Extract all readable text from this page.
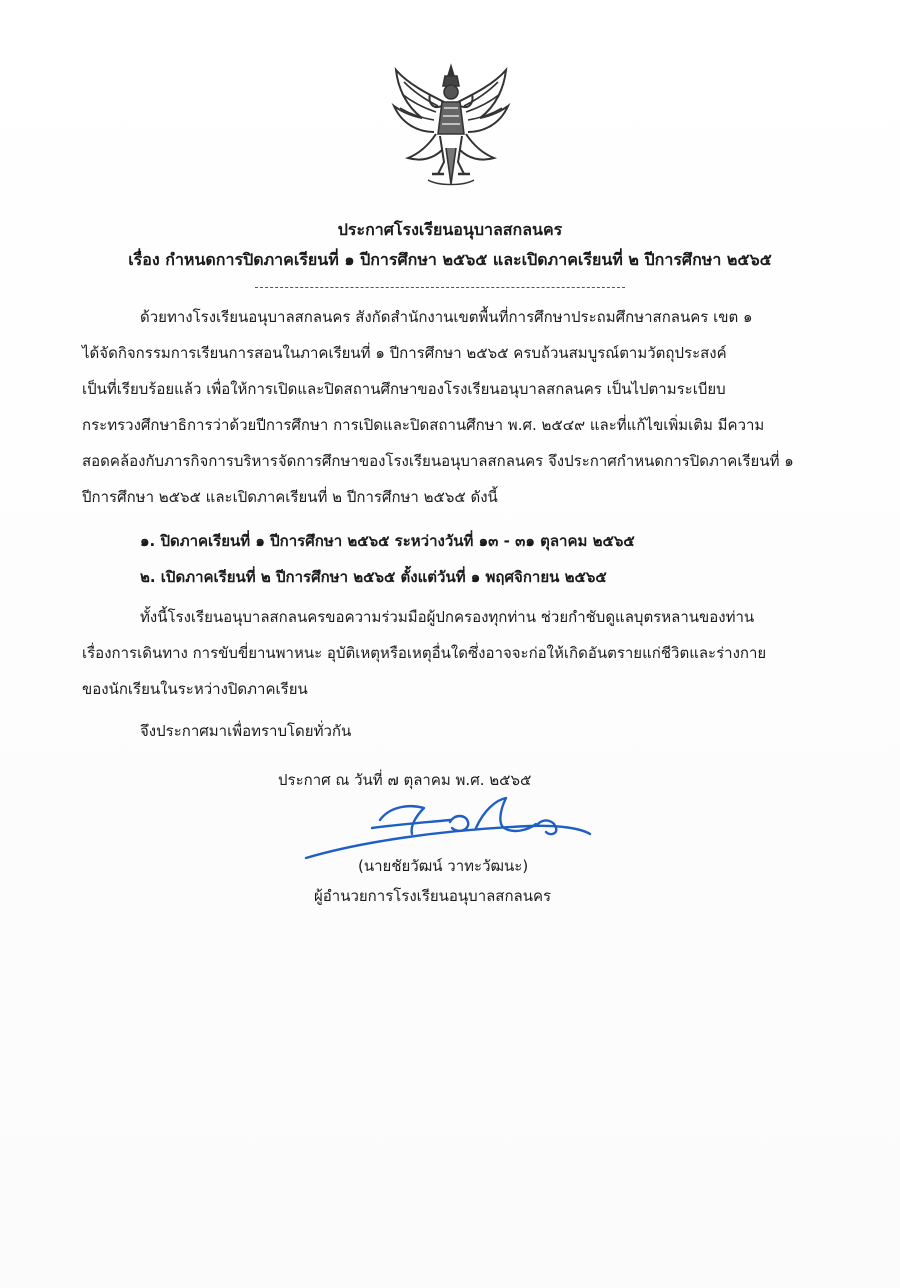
ประกาศโรงเรียนอนุบาลสกลนคร
เรื่อง กำหนดการปิดภาคเรียนที่ ๑ ปีการศึกษา ๒๕๖๕ และเปิดภาคเรียนที่ ๒ ปีการศึกษา ๒๕๖๕
ด้วยทางโรงเรียนอนุบาลสกลนคร สังกัดสำนักงานเขตพื้นที่การศึกษาประถมศึกษาสกลนคร เขต ๑
ได้จัดกิจกรรมการเรียนการสอนในภาคเรียนที่ ๑ ปีการศึกษา ๒๕๖๕ ครบถ้วนสมบูรณ์ตามวัตถุประสงค์
เป็นที่เรียบร้อยแล้ว เพื่อให้การเปิดและปิดสถานศึกษาของโรงเรียนอนุบาลสกลนคร เป็นไปตามระเบียบ
กระทรวงศึกษาธิการว่าด้วยปีการศึกษา การเปิดและปิดสถานศึกษา พ.ศ. ๒๕๔๙ และที่แก้ไขเพิ่มเติม มีความ
สอดคล้องกับภารกิจการบริหารจัดการศึกษาของโรงเรียนอนุบาลสกลนคร จึงประกาศกำหนดการปิดภาคเรียนที่ ๑
ปีการศึกษา ๒๕๖๕ และเปิดภาคเรียนที่ ๒ ปีการศึกษา ๒๕๖๕ ดังนี้
๑. ปิดภาคเรียนที่ ๑ ปีการศึกษา ๒๕๖๕ ระหว่างวันที่ ๑๓ - ๓๑ ตุลาคม ๒๕๖๕
๒. เปิดภาคเรียนที่ ๒ ปีการศึกษา ๒๕๖๕ ตั้งแต่วันที่ ๑ พฤศจิกายน ๒๕๖๕
ทั้งนี้โรงเรียนอนุบาลสกลนครขอความร่วมมือผู้ปกครองทุกท่าน ช่วยกำชับดูแลบุตรหลานของท่าน
เรื่องการเดินทาง การขับขี่ยานพาหนะ อุบัติเหตุหรือเหตุอื่นใดซึ่งอาจจะก่อให้เกิดอันตรายแก่ชีวิตและร่างกาย
ของนักเรียนในระหว่างปิดภาคเรียน
จึงประกาศมาเพื่อทราบโดยทั่วกัน
ประกาศ ณ วันที่ ๗ ตุลาคม พ.ศ. ๒๕๖๕
(นายชัยวัฒน์ วาทะวัฒนะ)
ผู้อำนวยการโรงเรียนอนุบาลสกลนคร
